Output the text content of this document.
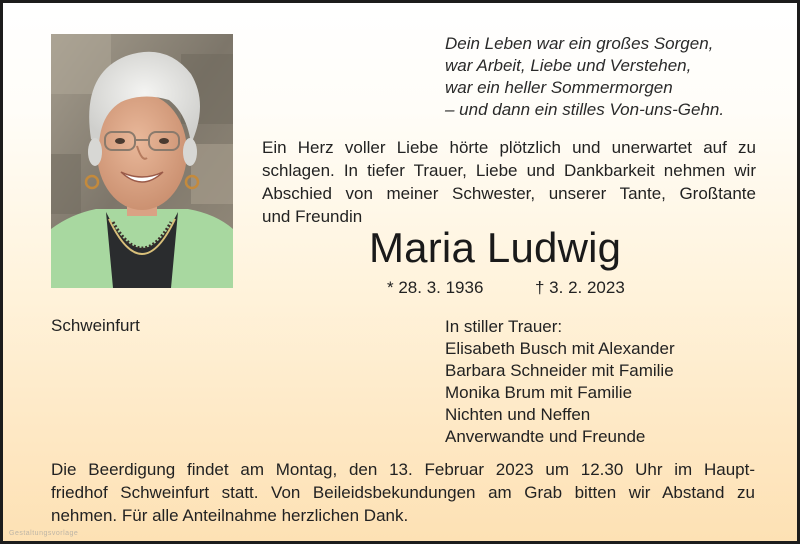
Dein Leben war ein großes Sorgen,
war Arbeit, Liebe und Verstehen,
war ein heller Sommermorgen
– und dann ein stilles Von-uns-Gehn.
Ein Herz voller Liebe hörte plötzlich und unerwartet auf zu
schlagen. In tiefer Trauer, Liebe und Dankbarkeit nehmen wir
Abschied von meiner Schwester, unserer Tante, Großtante
und Freundin
Maria Ludwig
* 28. 3. 1936	† 3. 2. 2023
Schweinfurt	In stiller Trauer:
Elisabeth Busch mit Alexander
Barbara Schneider mit Familie
Monika Brum mit Familie
Nichten und Neffen
Anverwandte und Freunde
Die Beerdigung findet am Montag, den 13. Februar 2023 um 12.30 Uhr im Haupt-
friedhof Schweinfurt statt. Von Beileidsbekundungen am Grab bitten wir Abstand zu
nehmen. Für alle Anteilnahme herzlichen Dank.
Gestaltungsvorlage
